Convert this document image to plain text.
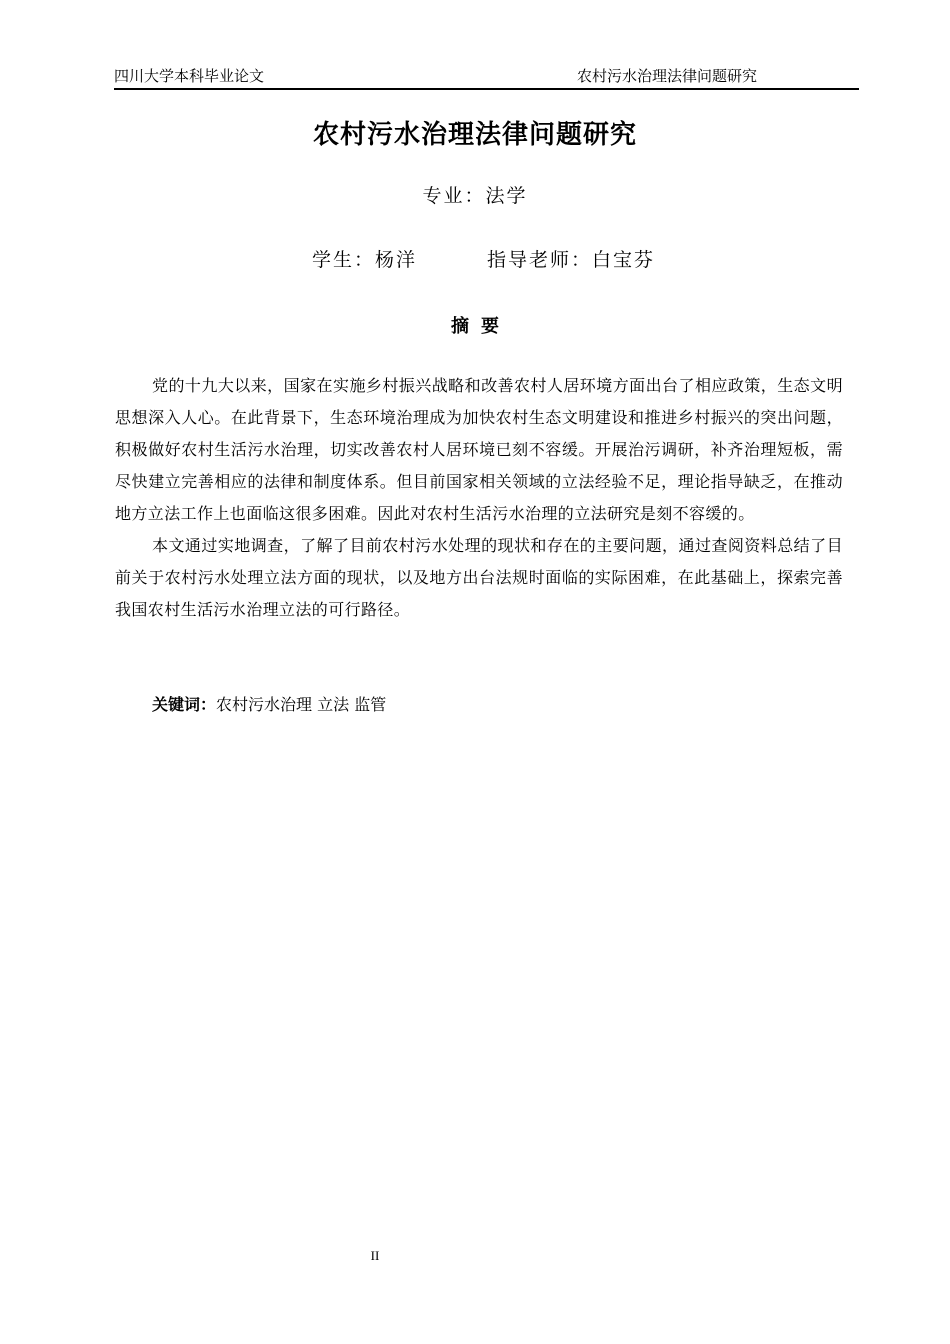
四川大学本科毕业论文	农村污水治理法律问题研究
农村污水治理法律问题研究
专业：法学
学生：杨洋	指导老师：白宝芬
摘要

党的十九大以来，国家在实施乡村振兴战略和改善农村人居环境方面出台了相应政策，生态文明思想深入人心。在此背景下，生态环境治理成为加快农村生态文明建设和推进乡村振兴的突出问题，积极做好农村生活污水治理，切实改善农村人居环境已刻不容缓。开展治污调研，补齐治理短板，需尽快建立完善相应的法律和制度体系。但目前国家相关领域的立法经验不足，理论指导缺乏，在推动地方立法工作上也面临这很多困难。因此对农村生活污水治理的立法研究是刻不容缓的。

本文通过实地调查，了解了目前农村污水处理的现状和存在的主要问题，通过查阅资料总结了目前关于农村污水处理立法方面的现状，以及地方出台法规时面临的实际困难，在此基础上，探索完善我国农村生活污水治理立法的可行路径。

关键词：农村污水治理 立法 监管
II
